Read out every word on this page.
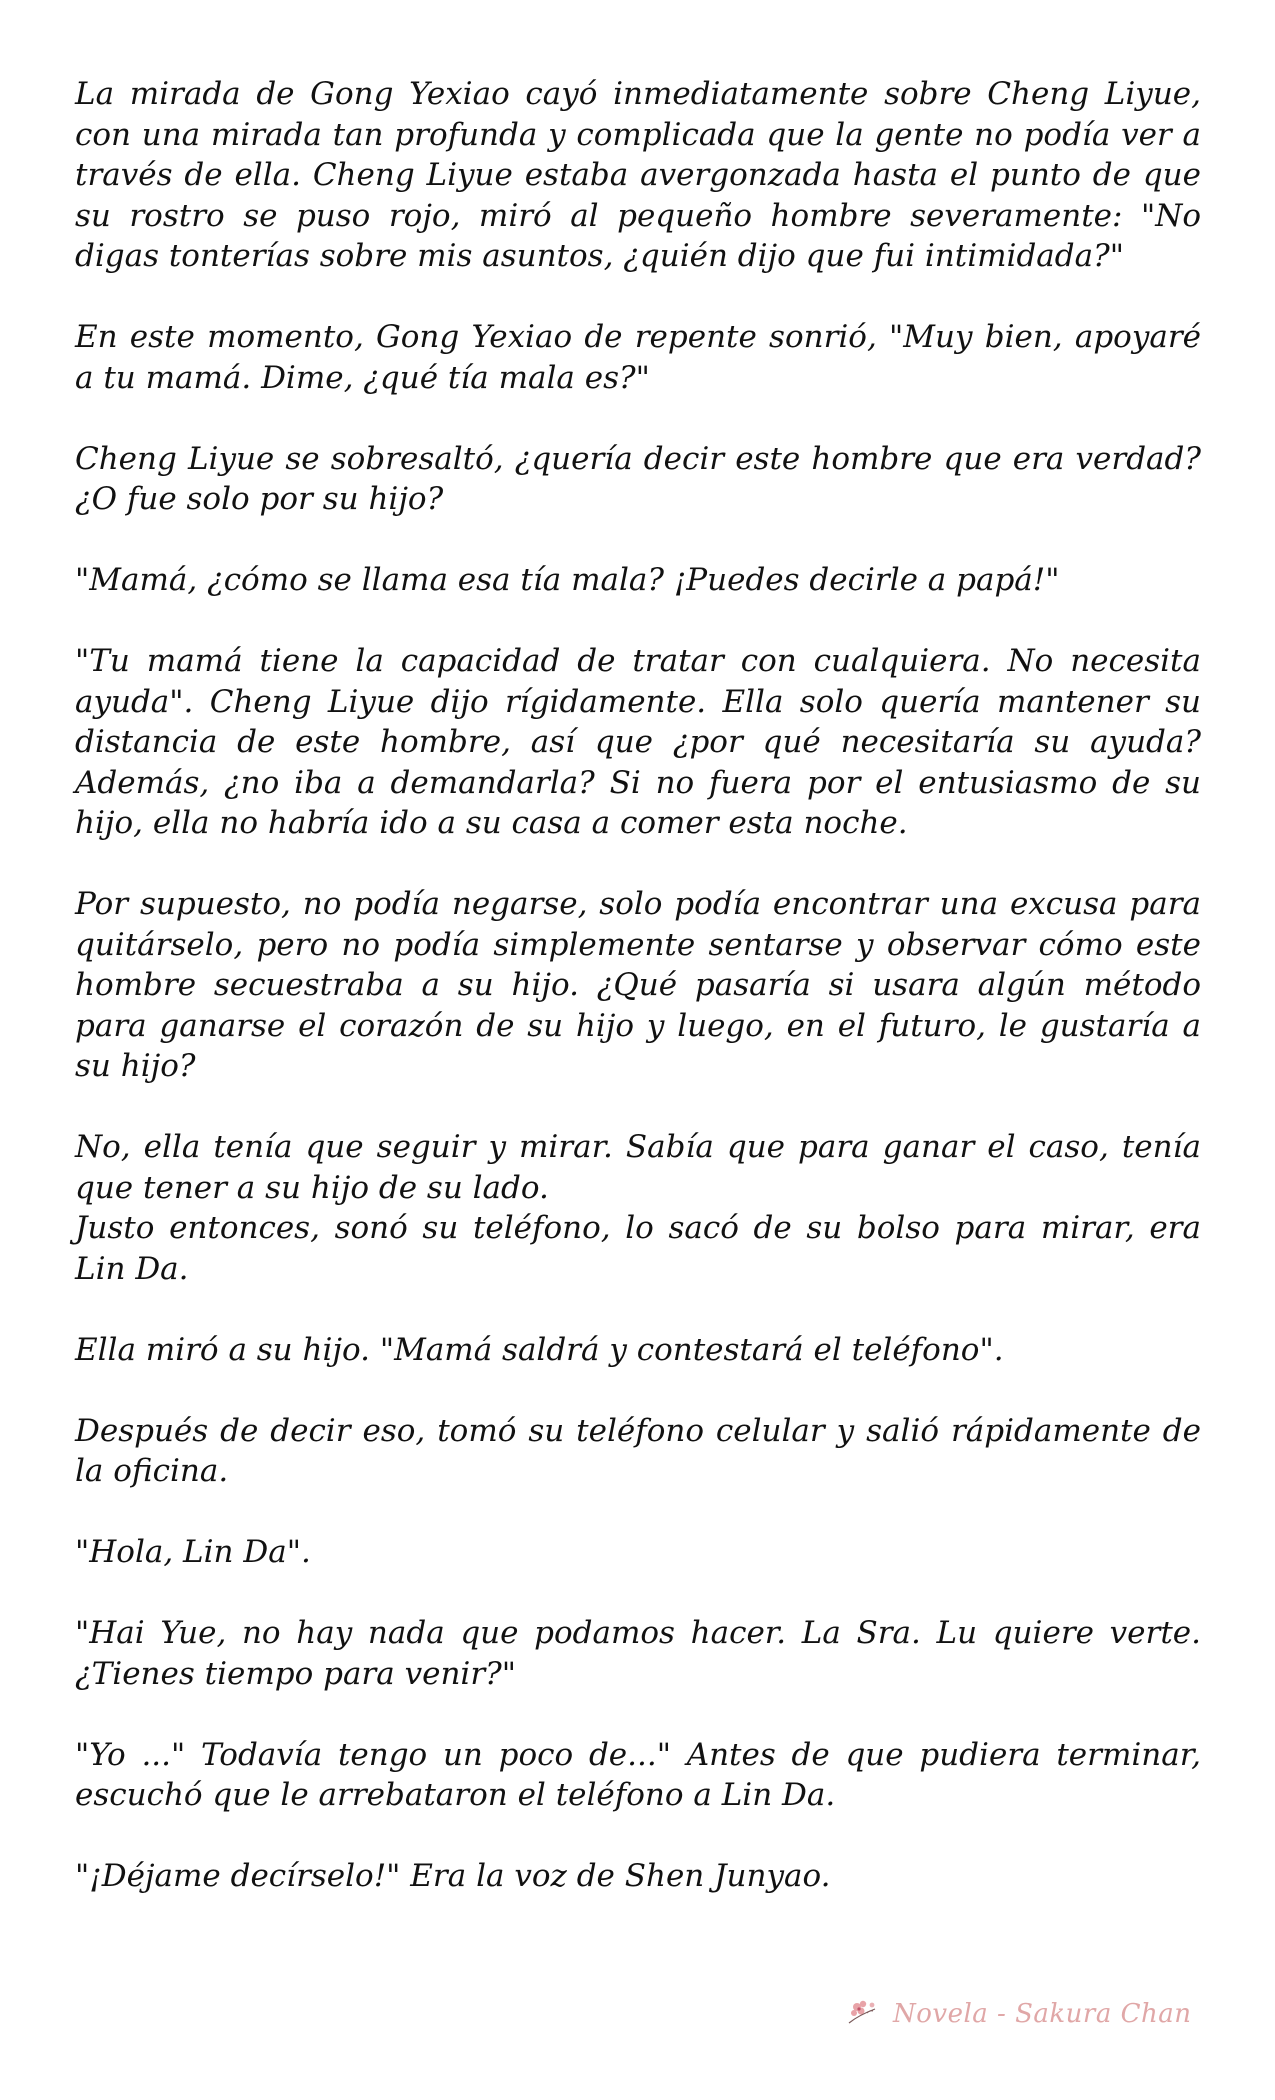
La mirada de Gong Yexiao cayó inmediatamente sobre Cheng Liyue, con una mirada tan profunda y complicada que la gente no podía ver a través de ella. Cheng Liyue estaba avergonzada hasta el punto de que su rostro se puso rojo, miró al pequeño hombre severamente: "No digas tonterías sobre mis asuntos, ¿quién dijo que fui intimidada?"

En este momento, Gong Yexiao de repente sonrió, "Muy bien, apoyaré a tu mamá. Dime, ¿qué tía mala es?"

Cheng Liyue se sobresaltó, ¿quería decir este hombre que era verdad? ¿O fue solo por su hijo?

"Mamá, ¿cómo se llama esa tía mala? ¡Puedes decirle a papá!"

"Tu mamá tiene la capacidad de tratar con cualquiera. No necesita ayuda". Cheng Liyue dijo rígidamente. Ella solo quería mantener su distancia de este hombre, así que ¿por qué necesitaría su ayuda? Además, ¿no iba a demandarla? Si no fuera por el entusiasmo de su hijo, ella no habría ido a su casa a comer esta noche.

Por supuesto, no podía negarse, solo podía encontrar una excusa para quitárselo, pero no podía simplemente sentarse y observar cómo este hombre secuestraba a su hijo. ¿Qué pasaría si usara algún método para ganarse el corazón de su hijo y luego, en el futuro, le gustaría a su hijo?

No, ella tenía que seguir y mirar. Sabía que para ganar el caso, tenía que tener a su hijo de su lado.

Justo entonces, sonó su teléfono, lo sacó de su bolso para mirar, era Lin Da.

Ella miró a su hijo. "Mamá saldrá y contestará el teléfono".

Después de decir eso, tomó su teléfono celular y salió rápidamente de la oficina.

"Hola, Lin Da".

"Hai Yue, no hay nada que podamos hacer. La Sra. Lu quiere verte. ¿Tienes tiempo para venir?"

"Yo ..." Todavía tengo un poco de..." Antes de que pudiera terminar, escuchó que le arrebataron el teléfono a Lin Da.

"¡Déjame decírselo!" Era la voz de Shen Junyao.

Novela - Sakura Chan
